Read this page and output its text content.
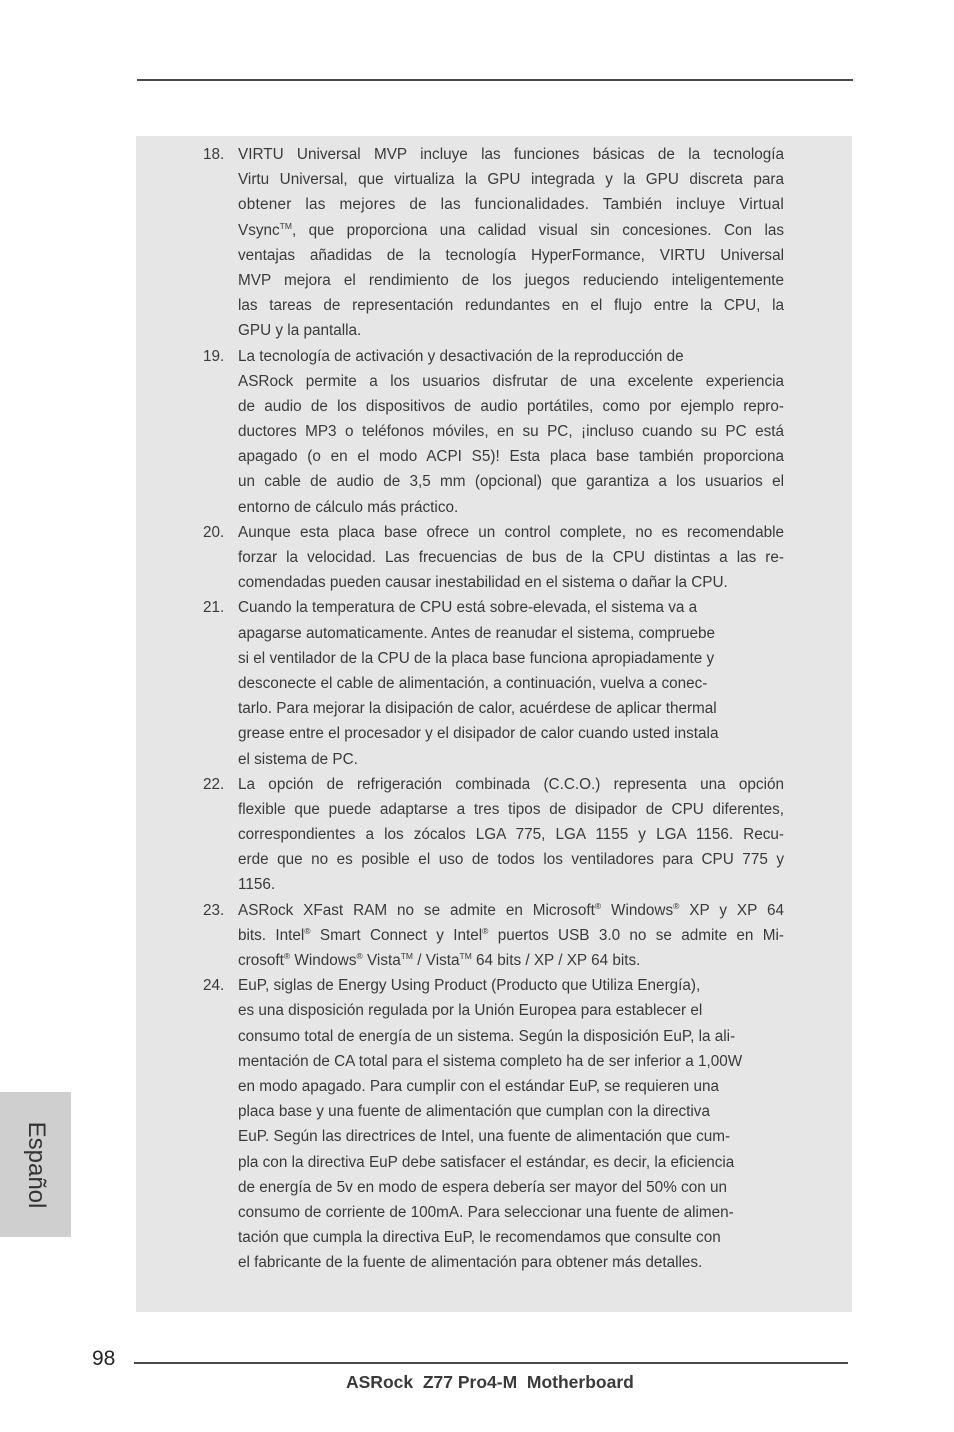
18. VIRTU Universal MVP incluye las funciones básicas de la tecnología
Virtu Universal, que virtualiza la GPU integrada y la GPU discreta para
obtener las mejores de las funcionalidades. También incluye Virtual
Vsync™, que proporciona una calidad visual sin concesiones. Con las
ventajas añadidas de la tecnología HyperFormance, VIRTU Universal
MVP mejora el rendimiento de los juegos reduciendo inteligentemente
las tareas de representación redundantes en el flujo entre la CPU, la
GPU y la pantalla.
19. La tecnología de activación y desactivación de la reproducción de
ASRock permite a los usuarios disfrutar de una excelente experiencia
de audio de los dispositivos de audio portátiles, como por ejemplo repro-
ductores MP3 o teléfonos móviles, en su PC, ¡incluso cuando su PC está
apagado (o en el modo ACPI S5)! Esta placa base también proporciona
un cable de audio de 3,5 mm (opcional) que garantiza a los usuarios el
entorno de cálculo más práctico.
20. Aunque esta placa base ofrece un control complete, no es recomendable
forzar la velocidad. Las frecuencias de bus de la CPU distintas a las re-
comendadas pueden causar inestabilidad en el sistema o dañar la CPU.
21. Cuando la temperatura de CPU está sobre-elevada, el sistema va a
apagarse automaticamente. Antes de reanudar el sistema, compruebe
si el ventilador de la CPU de la placa base funciona apropiadamente y
desconecte el cable de alimentación, a continuación, vuelva a conec-
tarlo. Para mejorar la disipación de calor, acuérdese de aplicar thermal
grease entre el procesador y el disipador de calor cuando usted instala
el sistema de PC.
22. La opción de refrigeración combinada (C.C.O.) representa una opción
flexible que puede adaptarse a tres tipos de disipador de CPU diferentes,
correspondientes a los zócalos LGA 775, LGA 1155 y LGA 1156. Recu-
erde que no es posible el uso de todos los ventiladores para CPU 775 y
1156.
23. ASRock XFast RAM no se admite en Microsoft® Windows® XP y XP 64
bits. Intel® Smart Connect y Intel® puertos USB 3.0 no se admite en Mi-
crosoft® Windows® Vista™ / Vista™ 64 bits / XP / XP 64 bits.
24. EuP, siglas de Energy Using Product (Producto que Utiliza Energía),
es una disposición regulada por la Unión Europea para establecer el
consumo total de energía de un sistema. Según la disposición EuP, la ali-
mentación de CA total para el sistema completo ha de ser inferior a 1,00W
en modo apagado. Para cumplir con el estándar EuP, se requieren una
placa base y una fuente de alimentación que cumplan con la directiva
EuP. Según las directrices de Intel, una fuente de alimentación que cum-
pla con la directiva EuP debe satisfacer el estándar, es decir, la eficiencia
de energía de 5v en modo de espera debería ser mayor del 50% con un
consumo de corriente de 100mA. Para seleccionar una fuente de alimen-
tación que cumpla la directiva EuP, le recomendamos que consulte con
el fabricante de la fuente de alimentación para obtener más detalles.
Español
98
ASRock  Z77 Pro4-M  Motherboard
